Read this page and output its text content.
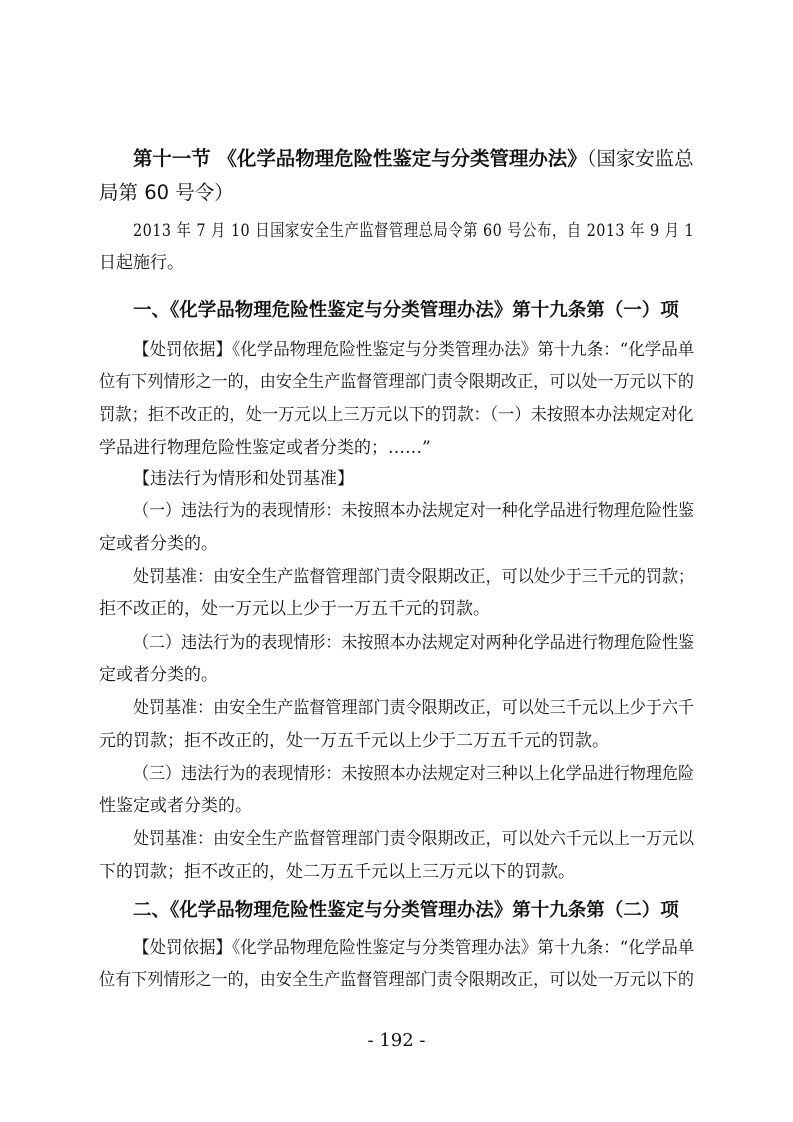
第十一节 《化学品物理危险性鉴定与分类管理办法》（国家安监总
局第 60 号令）
2013 年 7 月 10 日国家安全生产监督管理总局令第 60 号公布，自 2013 年 9 月 1
日起施行。
一、《化学品物理危险性鉴定与分类管理办法》第十九条第（一）项
【处罚依据】《化学品物理危险性鉴定与分类管理办法》第十九条：“化学品单
位有下列情形之一的，由安全生产监督管理部门责令限期改正，可以处一万元以下的
罚款；拒不改正的，处一万元以上三万元以下的罚款：（一）未按照本办法规定对化
学品进行物理危险性鉴定或者分类的；……”
【违法行为情形和处罚基准】
（一）违法行为的表现情形：未按照本办法规定对一种化学品进行物理危险性鉴
定或者分类的。
处罚基准：由安全生产监督管理部门责令限期改正，可以处少于三千元的罚款；
拒不改正的，处一万元以上少于一万五千元的罚款。
（二）违法行为的表现情形：未按照本办法规定对两种化学品进行物理危险性鉴
定或者分类的。
处罚基准：由安全生产监督管理部门责令限期改正，可以处三千元以上少于六千
元的罚款；拒不改正的，处一万五千元以上少于二万五千元的罚款。
（三）违法行为的表现情形：未按照本办法规定对三种以上化学品进行物理危险
性鉴定或者分类的。
处罚基准：由安全生产监督管理部门责令限期改正，可以处六千元以上一万元以
下的罚款；拒不改正的，处二万五千元以上三万元以下的罚款。
二、《化学品物理危险性鉴定与分类管理办法》第十九条第（二）项
【处罚依据】《化学品物理危险性鉴定与分类管理办法》第十九条：“化学品单
位有下列情形之一的，由安全生产监督管理部门责令限期改正，可以处一万元以下的
- 192 -
